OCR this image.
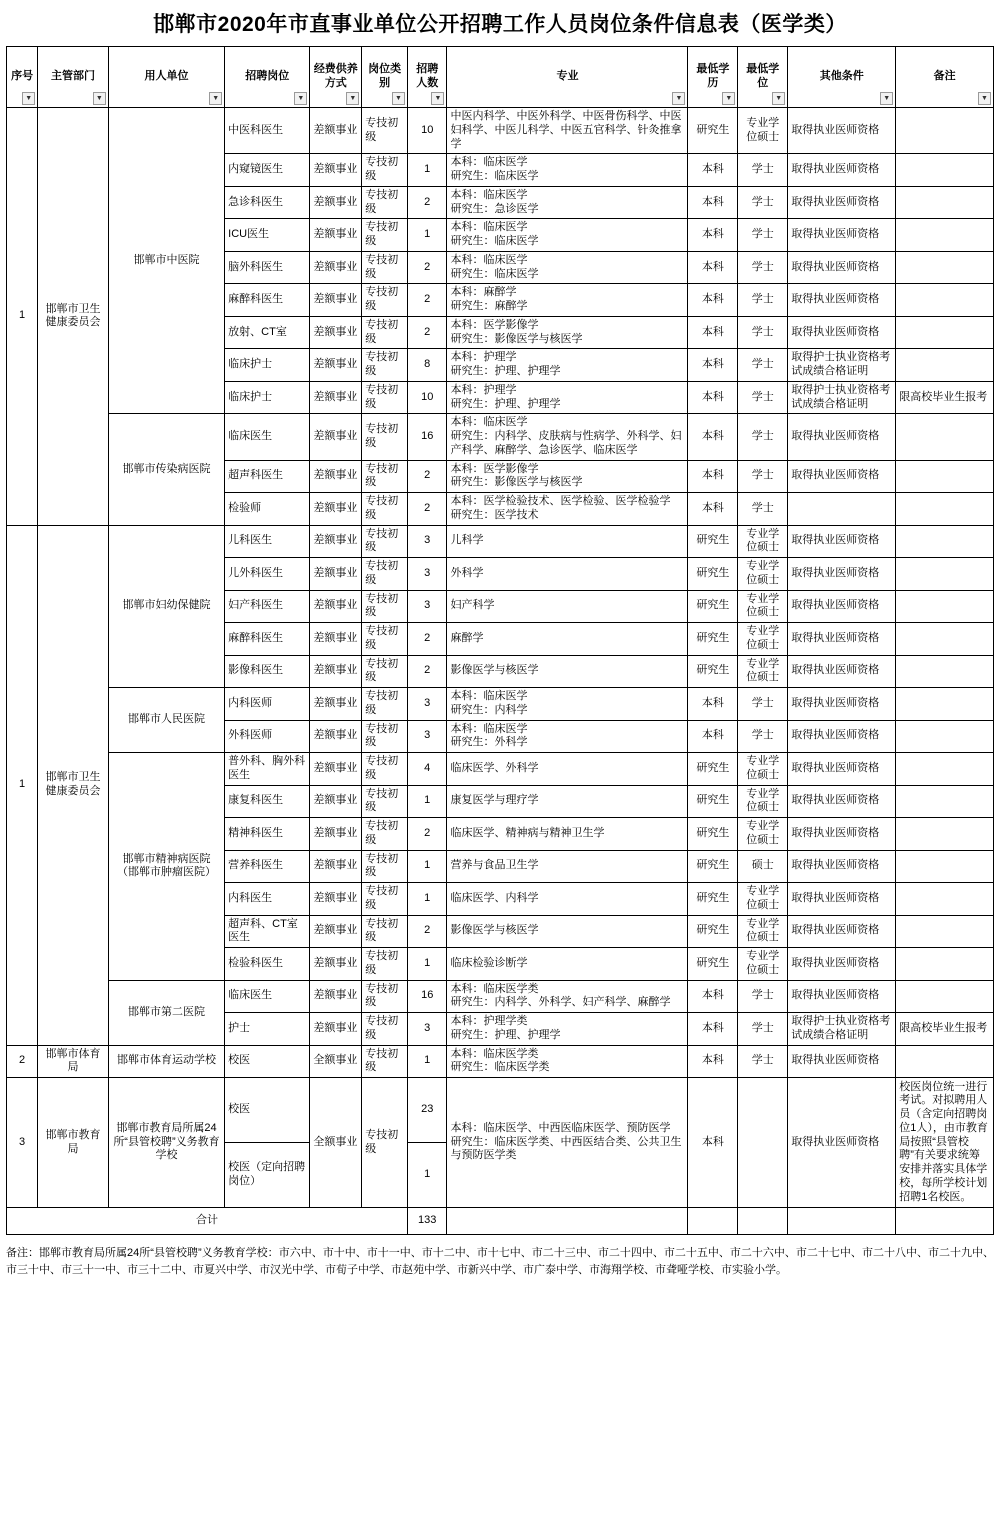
邯郸市2020年市直事业单位公开招聘工作人员岗位条件信息表（医学类）
序号
▼	主管部门
▼	用人单位
▼	招聘岗位
▼	经费供养方式
▼	岗位类别
▼	招聘人数
▼	专业
▼	最低学历
▼	最低学位
▼	其他条件
▼	备注
▼

1	邯郸市卫生健康委员会	邯郸市中医院	中医科医生	差额事业	专技初级	10	中医内科学、中医外科学、中医骨伤科学、中医妇科学、中医儿科学、中医五官科学、针灸推拿学	研究生	专业学位硕士	取得执业医师资格	
			内窥镜医生	差额事业	专技初级	1	本科：临床医学
研究生：临床医学	本科	学士	取得执业医师资格	
			急诊科医生	差额事业	专技初级	2	本科：临床医学
研究生：急诊医学	本科	学士	取得执业医师资格	
			ICU医生	差额事业	专技初级	1	本科：临床医学
研究生：临床医学	本科	学士	取得执业医师资格	
			脑外科医生	差额事业	专技初级	2	本科：临床医学
研究生：临床医学	本科	学士	取得执业医师资格	
			麻醉科医生	差额事业	专技初级	2	本科：麻醉学
研究生：麻醉学	本科	学士	取得执业医师资格	
			放射、CT室	差额事业	专技初级	2	本科：医学影像学
研究生：影像医学与核医学	本科	学士	取得执业医师资格	
			临床护士	差额事业	专技初级	8	本科：护理学
研究生：护理、护理学	本科	学士	取得护士执业资格考试成绩合格证明	
			临床护士	差额事业	专技初级	10	本科：护理学
研究生：护理、护理学	本科	学士	取得护士执业资格考试成绩合格证明	限高校毕业生报考
		邯郸市传染病医院	临床医生	差额事业	专技初级	16	本科：临床医学
研究生：内科学、皮肤病与性病学、外科学、妇产科学、麻醉学、急诊医学、临床医学	本科	学士	取得执业医师资格	
			超声科医生	差额事业	专技初级	2	本科：医学影像学
研究生：影像医学与核医学	本科	学士	取得执业医师资格	
			检验师	差额事业	专技初级	2	本科：医学检验技术、医学检验、医学检验学
研究生：医学技术	本科	学士		
1	邯郸市卫生健康委员会	邯郸市妇幼保健院	儿科医生	差额事业	专技初级	3	儿科学	研究生	专业学位硕士	取得执业医师资格	
			儿外科医生	差额事业	专技初级	3	外科学	研究生	专业学位硕士	取得执业医师资格	
			妇产科医生	差额事业	专技初级	3	妇产科学	研究生	专业学位硕士	取得执业医师资格	
			麻醉科医生	差额事业	专技初级	2	麻醉学	研究生	专业学位硕士	取得执业医师资格	
			影像科医生	差额事业	专技初级	2	影像医学与核医学	研究生	专业学位硕士	取得执业医师资格	
		邯郸市人民医院	内科医师	差额事业	专技初级	3	本科：临床医学
研究生：内科学	本科	学士	取得执业医师资格	
			外科医师	差额事业	专技初级	3	本科：临床医学
研究生：外科学	本科	学士	取得执业医师资格	
		邯郸市精神病医院（邯郸市肿瘤医院）	普外科、胸外科医生	差额事业	专技初级	4	临床医学、外科学	研究生	专业学位硕士	取得执业医师资格	
			康复科医生	差额事业	专技初级	1	康复医学与理疗学	研究生	专业学位硕士	取得执业医师资格	
			精神科医生	差额事业	专技初级	2	临床医学、精神病与精神卫生学	研究生	专业学位硕士	取得执业医师资格	
			营养科医生	差额事业	专技初级	1	营养与食品卫生学	研究生	硕士	取得执业医师资格	
			内科医生	差额事业	专技初级	1	临床医学、内科学	研究生	专业学位硕士	取得执业医师资格	
			超声科、CT室医生	差额事业	专技初级	2	影像医学与核医学	研究生	专业学位硕士	取得执业医师资格	
			检验科医生	差额事业	专技初级	1	临床检验诊断学	研究生	专业学位硕士	取得执业医师资格	
		邯郸市第二医院	临床医生	差额事业	专技初级	16	本科：临床医学类
研究生：内科学、外科学、妇产科学、麻醉学	本科	学士	取得执业医师资格	
			护士	差额事业	专技初级	3	本科：护理学类
研究生：护理、护理学	本科	学士	取得护士执业资格考试成绩合格证明	限高校毕业生报考
2	邯郸市体育局	邯郸市体育运动学校	校医	全额事业	专技初级	1	本科：临床医学类
研究生：临床医学类	本科	学士	取得执业医师资格	
3	邯郸市教育局	邯郸市教育局所属24所“县管校聘”义务教育学校	校医	全额事业	专技初级	23	本科：临床医学、中西医临床医学、预防医学
研究生：临床医学类、中西医结合类、公共卫生与预防医学类	本科		取得执业医师资格	校医岗位统一进行考试。对拟聘用人员（含定向招聘岗位1人），由市教育局按照“县管校聘”有关要求统筹安排并落实具体学校，每所学校计划招聘1名校医。
			校医（定向招聘岗位）			1					
合计						133					
备注：邯郸市教育局所属24所“县管校聘”义务教育学校：市六中、市十中、市十一中、市十二中、市十七中、市二十三中、市二十四中、市二十五中、市二十六中、市二十七中、市二十八中、市二十九中、市三十中、市三十一中、市三十二中、市夏兴中学、市汉光中学、市荀子中学、市赵苑中学、市新兴中学、市广泰中学、市海翔学校、市聋哑学校、市实验小学。
